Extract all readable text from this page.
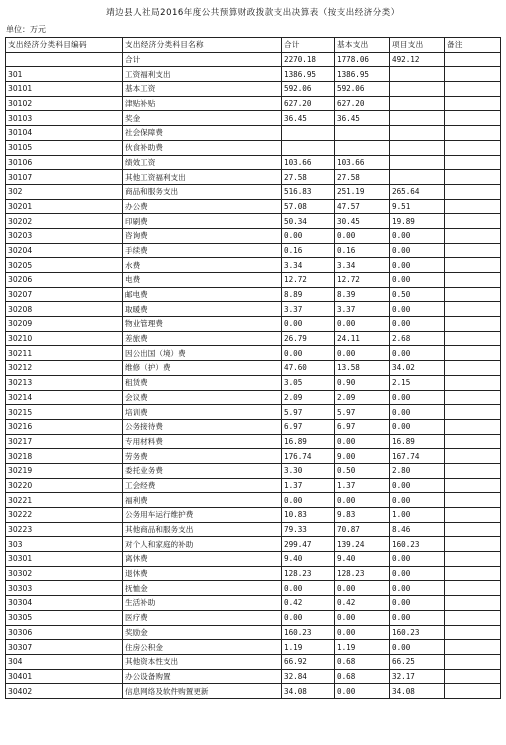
靖边县人社局2016年度公共预算财政拨款支出决算表（按支出经济分类）
单位：万元
支出经济分类科目编码	支出经济分类科目名称	合计	基本支出	项目支出	备注
	合计	2270.18	1778.06	492.12	
301	工资福利支出	1386.95	1386.95		
30101	基本工资	592.06	592.06		
30102	津贴补贴	627.20	627.20		
30103	奖金	36.45	36.45		
30104	社会保障费				
30105	伙食补助费				
30106	绩效工资	103.66	103.66		
30107	其他工资福利支出	27.58	27.58		
302	商品和服务支出	516.83	251.19	265.64	
30201	办公费	57.08	47.57	9.51	
30202	印刷费	50.34	30.45	19.89	
30203	咨询费	0.00	0.00	0.00	
30204	手续费	0.16	0.16	0.00	
30205	水费	3.34	3.34	0.00	
30206	电费	12.72	12.72	0.00	
30207	邮电费	8.89	8.39	0.50	
30208	取暖费	3.37	3.37	0.00	
30209	物业管理费	0.00	0.00	0.00	
30210	差旅费	26.79	24.11	2.68	
30211	因公出国（境）费	0.00	0.00	0.00	
30212	维修（护）费	47.60	13.58	34.02	
30213	租赁费	3.05	0.90	2.15	
30214	会议费	2.09	2.09	0.00	
30215	培训费	5.97	5.97	0.00	
30216	公务接待费	6.97	6.97	0.00	
30217	专用材料费	16.89	0.00	16.89	
30218	劳务费	176.74	9.00	167.74	
30219	委托业务费	3.30	0.50	2.80	
30220	工会经费	1.37	1.37	0.00	
30221	福利费	0.00	0.00	0.00	
30222	公务用车运行维护费	10.83	9.83	1.00	
30223	其他商品和服务支出	79.33	70.87	8.46	
303	对个人和家庭的补助	299.47	139.24	160.23	
30301	离休费	9.40	9.40	0.00	
30302	退休费	128.23	128.23	0.00	
30303	抚恤金	0.00	0.00	0.00	
30304	生活补助	0.42	0.42	0.00	
30305	医疗费	0.00	0.00	0.00	
30306	奖励金	160.23	0.00	160.23	
30307	住房公积金	1.19	1.19	0.00	
304	其他资本性支出	66.92	0.68	66.25	
30401	办公设备购置	32.84	0.68	32.17	
30402	信息网络及软件购置更新	34.08	0.00	34.08	
